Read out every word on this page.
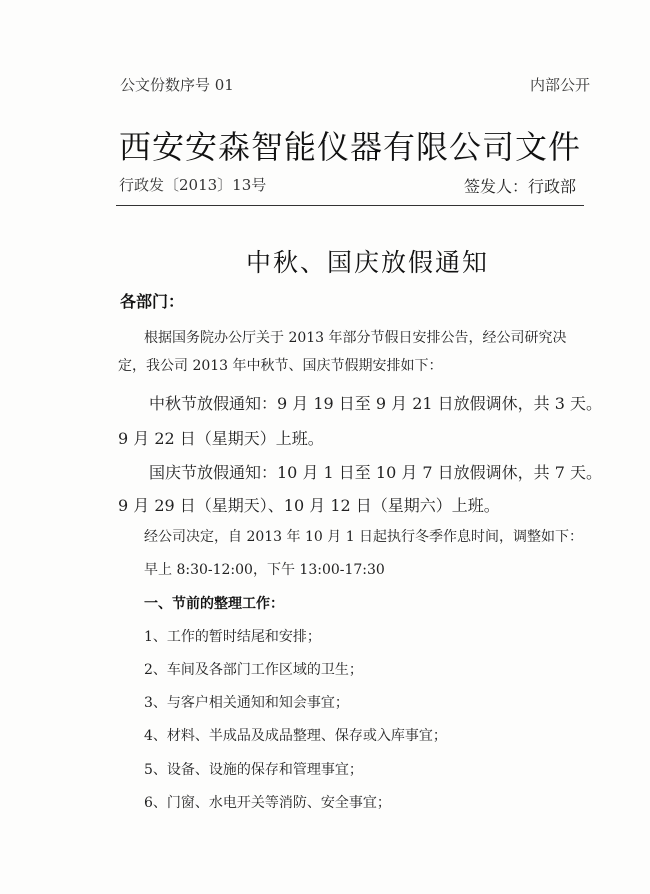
公文份数序号 01	内部公开
西安安森智能仪器有限公司文件
行政发〔2013〕13号	签发人：行政部
中秋、国庆放假通知
各部门：
根据国务院办公厅关于 2013 年部分节假日安排公告，经公司研究决
定，我公司 2013 年中秋节、国庆节假期安排如下：
中秋节放假通知：9 月 19 日至 9 月 21 日放假调休，共 3 天。
9 月 22 日（星期天）上班。
国庆节放假通知：10 月 1 日至 10 月 7 日放假调休，共 7 天。
9 月 29 日（星期天）、10 月 12 日（星期六）上班。
经公司决定，自 2013 年 10 月 1 日起执行冬季作息时间，调整如下：
早上 8:30-12:00，下午 13:00-17:30
一、节前的整理工作：
1、工作的暂时结尾和安排；
2、车间及各部门工作区域的卫生；
3、与客户相关通知和知会事宜；
4、材料、半成品及成品整理、保存或入库事宜；
5、设备、设施的保存和管理事宜；
6、门窗、水电开关等消防、安全事宜；
